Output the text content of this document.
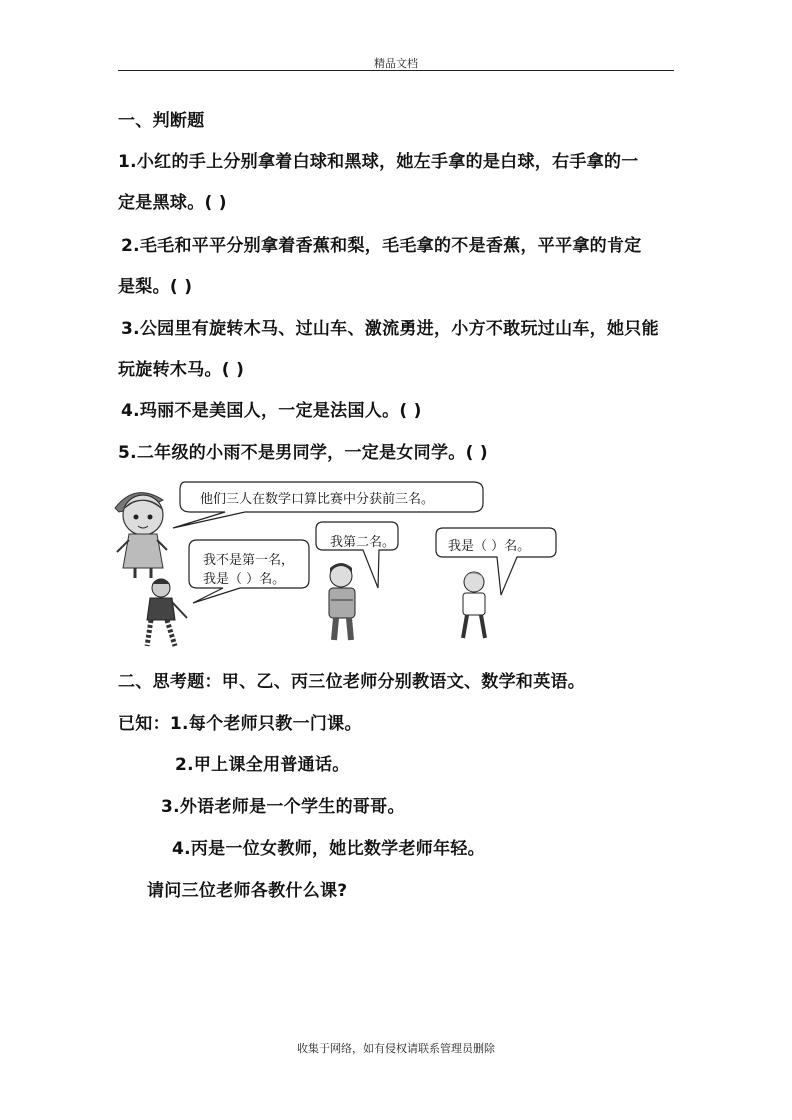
精品文档
一、判断题
1.小红的手上分别拿着白球和黑球，她左手拿的是白球，右手拿的一
定是黑球。( )
2.毛毛和平平分别拿着香蕉和梨，毛毛拿的不是香蕉，平平拿的肯定
是梨。( )
3.公园里有旋转木马、过山车、激流勇进，小方不敢玩过山车，她只能
玩旋转木马。( )
4.玛丽不是美国人，一定是法国人。( )
5.二年级的小雨不是男同学，一定是女同学。( )
他们三人在数学口算比赛中分获前三名。
我不是第一名，
我是（ ）名。
我第二名。	我是（ ）名。
二、思考题：甲、乙、丙三位老师分别教语文、数学和英语。
已知：1.每个老师只教一门课。
2.甲上课全用普通话。
3.外语老师是一个学生的哥哥。
4.丙是一位女教师，她比数学老师年轻。
请问三位老师各教什么课?
收集于网络，如有侵权请联系管理员删除
